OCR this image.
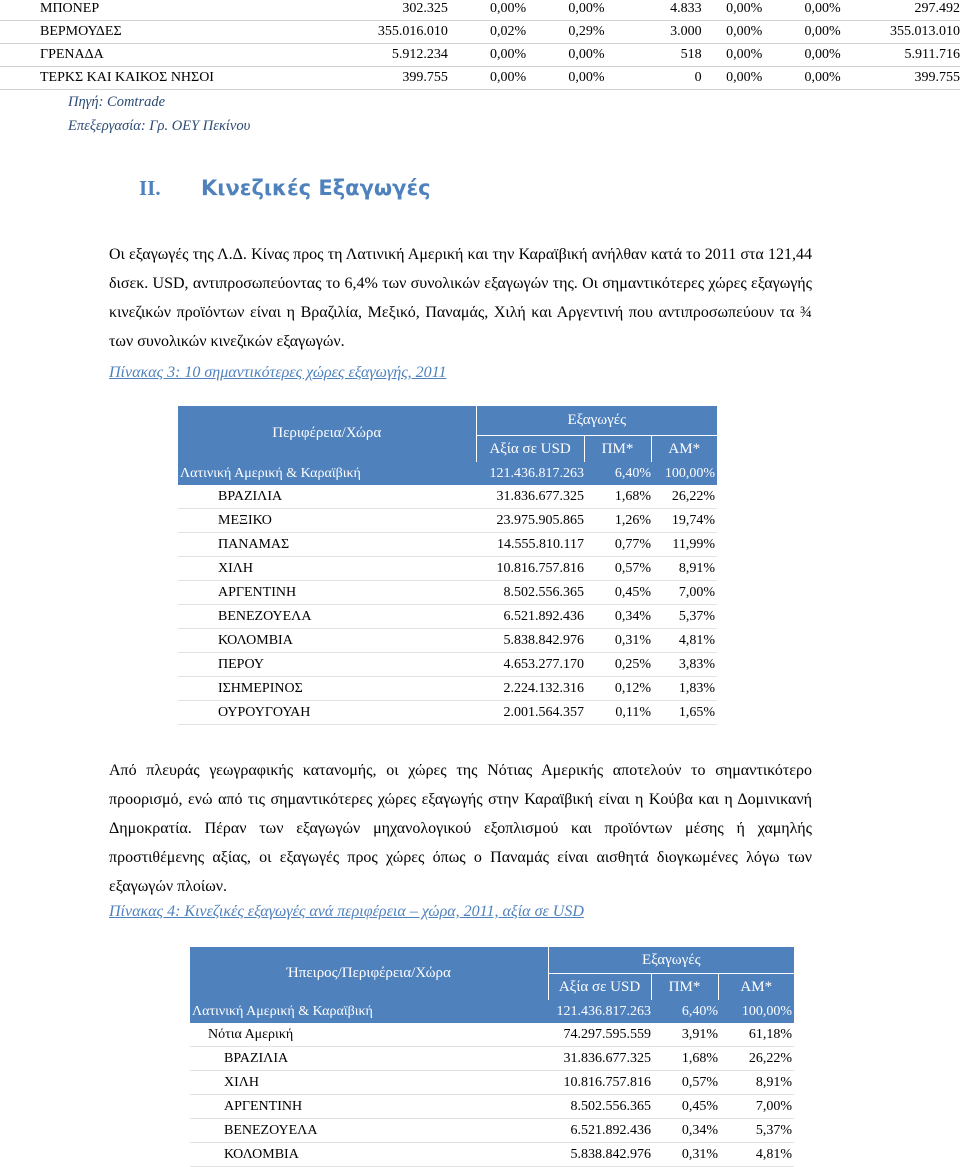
ΜΠΟΝΕΡ	302.325	0,00%	0,00%	4.833	0,00%	0,00%	297.492
ΒΕΡΜΟΥΔΕΣ	355.016.010	0,02%	0,29%	3.000	0,00%	0,00%	355.013.010
ΓΡΕΝΑΔΑ	5.912.234	0,00%	0,00%	518	0,00%	0,00%	5.911.716
ΤΕΡΚΣ ΚΑΙ ΚΑΙΚΟΣ ΝΗΣΟΙ	399.755	0,00%	0,00%	0	0,00%	0,00%	399.755
Πηγή: Comtrade
Επεξεργασία: Γρ. ΟΕΥ Πεκίνου
II. Κινεζικές Εξαγωγές
Οι εξαγωγές της Λ.Δ. Κίνας προς τη Λατινική Αμερική και την Καραϊβική ανήλθαν κατά το 2011 στα 121,44 δισεκ. USD, αντιπροσωπεύοντας το 6,4% των συνολικών εξαγωγών της. Οι σημαντικότερες χώρες εξαγωγής κινεζικών προϊόντων είναι η Βραζιλία, Μεξικό, Παναμάς, Χιλή και Αργεντινή που αντιπροσωπεύουν τα ¾ των συνολικών κινεζικών εξαγωγών.
Πίνακας 3: 10 σημαντικότερες χώρες εξαγωγής, 2011
Περιφέρεια/Χώρα	Εξαγωγές		
	Αξία σε USD	ΠΜ*	ΑΜ*
Λατινική Αμερική & Καραϊβική	121.436.817.263	6,40%	100,00%
ΒΡΑΖΙΛΙΑ	31.836.677.325	1,68%	26,22%
ΜΕΞΙΚΟ	23.975.905.865	1,26%	19,74%
ΠΑΝΑΜΑΣ	14.555.810.117	0,77%	11,99%
ΧΙΛΗ	10.816.757.816	0,57%	8,91%
ΑΡΓΕΝΤΙΝΗ	8.502.556.365	0,45%	7,00%
ΒΕΝΕΖΟΥΕΛΑ	6.521.892.436	0,34%	5,37%
ΚΟΛΟΜΒΙΑ	5.838.842.976	0,31%	4,81%
ΠΕΡΟΥ	4.653.277.170	0,25%	3,83%
ΙΣΗΜΕΡΙΝΟΣ	2.224.132.316	0,12%	1,83%
ΟΥΡΟΥΓΟΥΑΗ	2.001.564.357	0,11%	1,65%
Από πλευράς γεωγραφικής κατανομής, οι χώρες της Νότιας Αμερικής αποτελούν το σημαντικότερο προορισμό, ενώ από τις σημαντικότερες χώρες εξαγωγής στην Καραϊβική είναι η Κούβα και η Δομινικανή Δημοκρατία. Πέραν των εξαγωγών μηχανολογικού εξοπλισμού και προϊόντων μέσης ή χαμηλής προστιθέμενης αξίας, οι εξαγωγές προς χώρες όπως ο Παναμάς είναι αισθητά διογκωμένες λόγω των εξαγωγών πλοίων.
Πίνακας 4: Κινεζικές εξαγωγές ανά περιφέρεια – χώρα, 2011, αξία σε USD
Ήπειρος/Περιφέρεια/Χώρα	Εξαγωγές		
	Αξία σε USD	ΠΜ*	ΑΜ*
Λατινική Αμερική & Καραϊβική	121.436.817.263	6,40%	100,00%
Νότια Αμερική	74.297.595.559	3,91%	61,18%
ΒΡΑΖΙΛΙΑ	31.836.677.325	1,68%	26,22%
ΧΙΛΗ	10.816.757.816	0,57%	8,91%
ΑΡΓΕΝΤΙΝΗ	8.502.556.365	0,45%	7,00%
ΒΕΝΕΖΟΥΕΛΑ	6.521.892.436	0,34%	5,37%
ΚΟΛΟΜΒΙΑ	5.838.842.976	0,31%	4,81%
